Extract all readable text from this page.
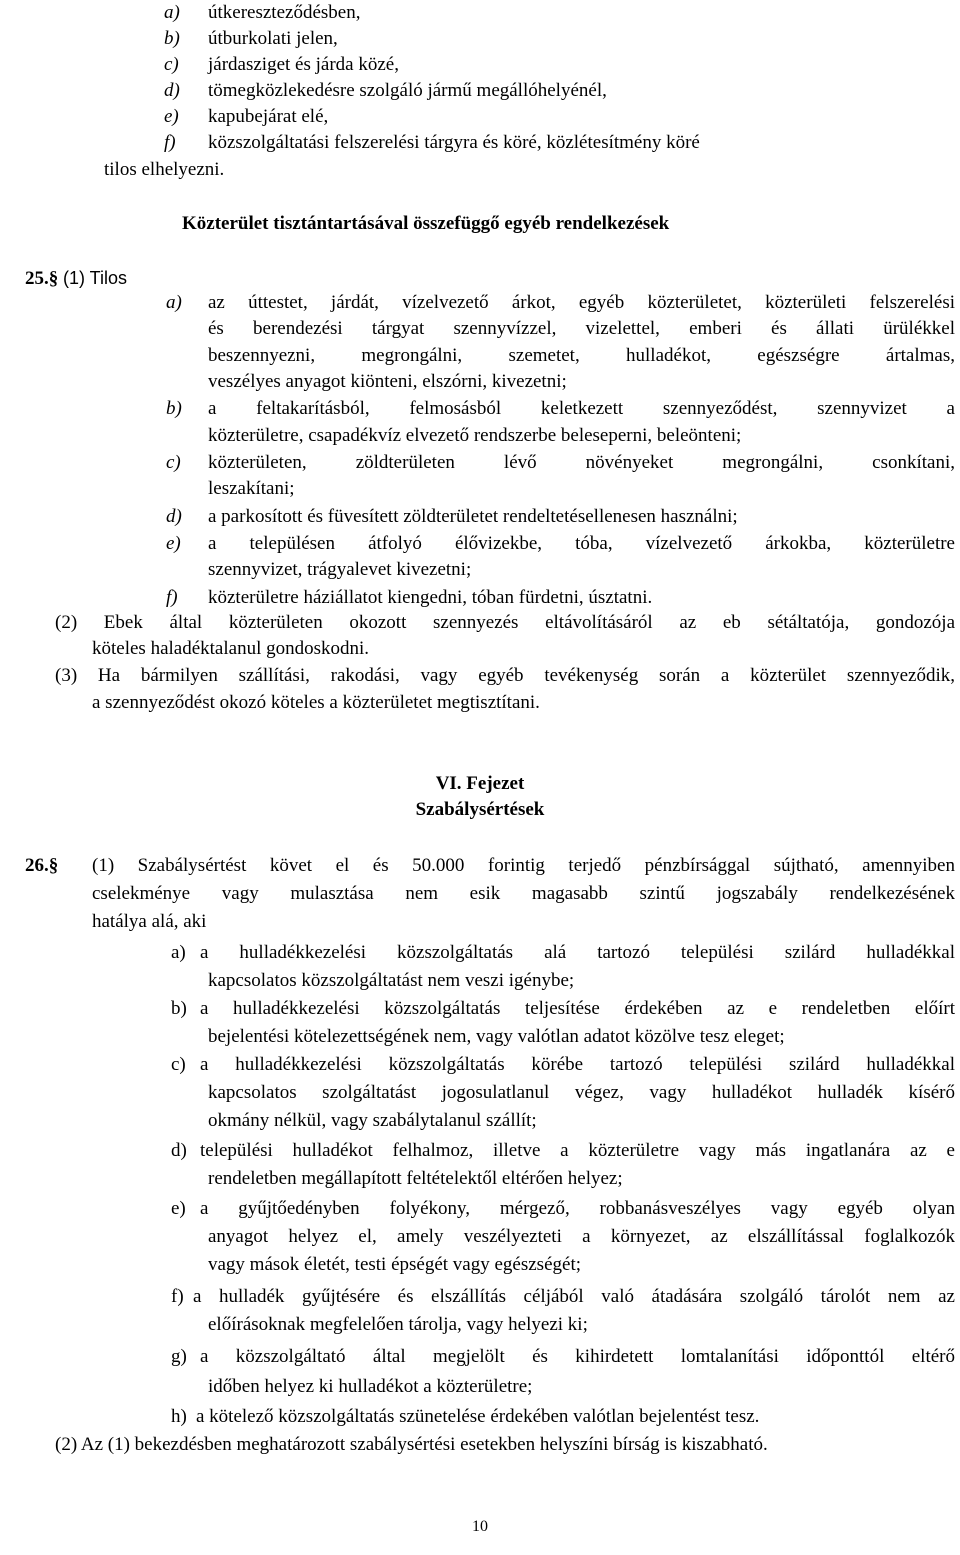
a) útkereszteződésben,
b) útburkolati jelen,
c) járdasziget és járda közé,
d) tömegközlekedésre szolgáló jármű megállóhelyénél,
e) kapubejárat elé,
f) közszolgáltatási felszerelési tárgyra és köré, közlétesítmény köré
tilos elhelyezni.
Közterület tisztántartásával összefüggő egyéb rendelkezések
25.§ (1) Tilos
a) az úttestet, járdát, vízelvezető árkot, egyéb közterületet, közterületi felszerelési
és berendezési tárgyat szennyvízzel, vizelettel, emberi és állati ürülékkel
beszennyezni, megrongálni, szemetet, hulladékot, egészségre ártalmas,
veszélyes anyagot kiönteni, elszórni, kivezetni;
b) a feltakarításból, felmosásból keletkezett szennyeződést, szennyvizet a
közterületre, csapadékvíz elvezető rendszerbe beleseperni, beleönteni;
c) közterületen, zöldterületen lévő növényeket megrongálni, csonkítani,
leszakítani;
d) a parkosított és füvesített zöldterületet rendeltetésellenesen használni;
e) a településen átfolyó élővizekbe, tóba, vízelvezető árkokba, közterületre
szennyvizet, trágyalevet kivezetni;
f) közterületre háziállatot kiengedni, tóban fürdetni, úsztatni.
(2) Ebek által közterületen okozott szennyezés eltávolításáról az eb sétáltatója, gondozója
köteles haladéktalanul gondoskodni.
(3) Ha bármilyen szállítási, rakodási, vagy egyéb tevékenység során a közterület szennyeződik,
a szennyeződést okozó köteles a közterületet megtisztítani.
VI. Fejezet
Szabálysértések
26.§ (1) Szabálysértést követ el és 50.000 forintig terjedő pénzbírsággal sújtható, amennyiben
cselekménye vagy mulasztása nem esik magasabb szintű jogszabály rendelkezésének
hatálya alá, aki
a) a hulladékkezelési közszolgáltatás alá tartozó települési szilárd hulladékkal
kapcsolatos közszolgáltatást nem veszi igénybe;
b) a hulladékkezelési közszolgáltatás teljesítése érdekében az e rendeletben előírt
bejelentési kötelezettségének nem, vagy valótlan adatot közölve tesz eleget;
c) a hulladékkezelési közszolgáltatás körébe tartozó települési szilárd hulladékkal
kapcsolatos szolgáltatást jogosulatlanul végez, vagy hulladékot hulladék kísérő
okmány nélkül, vagy szabálytalanul szállít;
d) települési hulladékot felhalmoz, illetve a közterületre vagy más ingatlanára az e
rendeletben megállapított feltételektől eltérően helyez;
e) a gyűjtőedényben folyékony, mérgező, robbanásveszélyes vagy egyéb olyan
anyagot helyez el, amely veszélyezteti a környezet, az elszállítással foglalkozók
vagy mások életét, testi épségét vagy egészségét;
f) a hulladék gyűjtésére és elszállítás céljából való átadására szolgáló tárolót nem az
előírásoknak megfelelően tárolja, vagy helyezi ki;
g) a közszolgáltató által megjelölt és kihirdetett lomtalanítási időponttól eltérő
időben helyez ki hulladékot a közterületre;
h) a kötelező közszolgáltatás szünetelése érdekében valótlan bejelentést tesz.
(2) Az (1) bekezdésben meghatározott szabálysértési esetekben helyszíni bírság is kiszabható.
10
